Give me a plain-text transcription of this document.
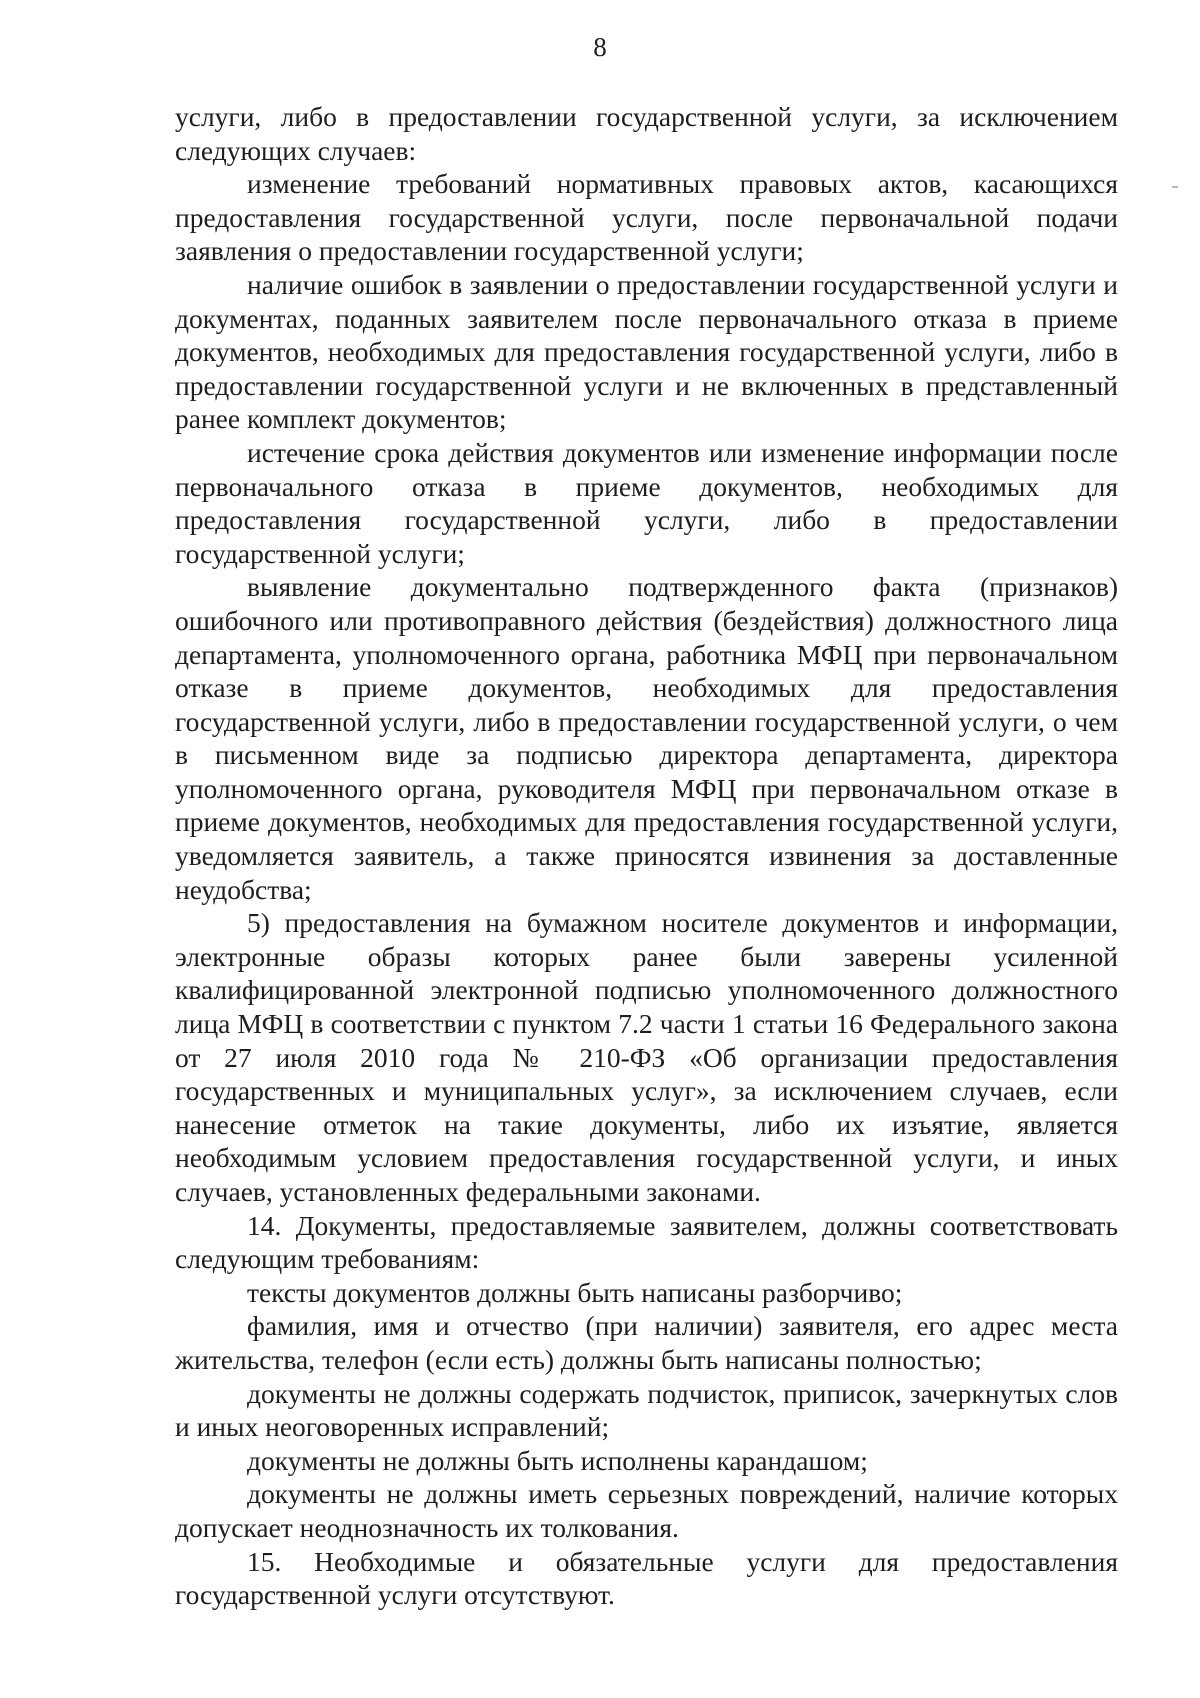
8

услуги, либо в предоставлении государственной услуги, за исключением следующих случаев:

изменение требований нормативных правовых актов, касающихся предоставления государственной услуги, после первоначальной подачи заявления о предоставлении государственной услуги;

наличие ошибок в заявлении о предоставлении государственной услуги и документах, поданных заявителем после первоначального отказа в приеме документов, необходимых для предоставления государственной услуги, либо в предоставлении государственной услуги и не включенных в представленный ранее комплект документов;

истечение срока действия документов или изменение информации после первоначального отказа в приеме документов, необходимых для предоставления государственной услуги, либо в предоставлении государственной услуги;

выявление документально подтвержденного факта (признаков) ошибочного или противоправного действия (бездействия) должностного лица департамента, уполномоченного органа, работника МФЦ при первоначальном отказе в приеме документов, необходимых для предоставления государственной услуги, либо в предоставлении государственной услуги, о чем в письменном виде за подписью директора департамента, директора уполномоченного органа, руководителя МФЦ при первоначальном отказе в приеме документов, необходимых для предоставления государственной услуги, уведомляется заявитель, а также приносятся извинения за доставленные неудобства;

5) предоставления на бумажном носителе документов и информации, электронные образы которых ранее были заверены усиленной квалифицированной электронной подписью уполномоченного должностного лица МФЦ в соответствии с пунктом 7.2 части 1 статьи 16 Федерального закона от 27 июля 2010 года № 210-ФЗ «Об организации предоставления государственных и муниципальных услуг», за исключением случаев, если нанесение отметок на такие документы, либо их изъятие, является необходимым условием предоставления государственной услуги, и иных случаев, установленных федеральными законами.

14. Документы, предоставляемые заявителем, должны соответствовать следующим требованиям:

тексты документов должны быть написаны разборчиво;

фамилия, имя и отчество (при наличии) заявителя, его адрес места жительства, телефон (если есть) должны быть написаны полностью;

документы не должны содержать подчисток, приписок, зачеркнутых слов и иных неоговоренных исправлений;

документы не должны быть исполнены карандашом;

документы не должны иметь серьезных повреждений, наличие которых допускает неоднозначность их толкования.

15. Необходимые и обязательные услуги для предоставления государственной услуги отсутствуют.
